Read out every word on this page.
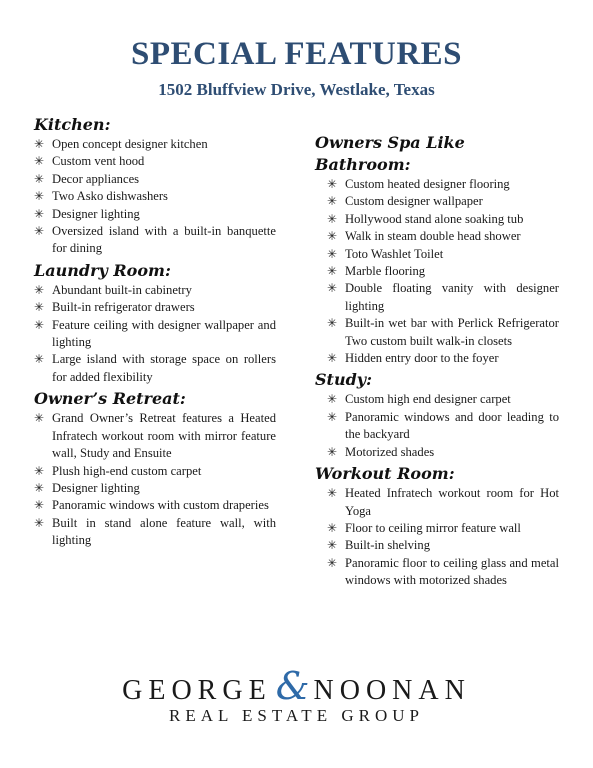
SPECIAL FEATURES
1502 Bluffview Drive, Westlake, Texas
Kitchen:
✳ Open concept designer kitchen
✳ Custom vent hood
✳ Decor appliances
✳ Two Asko dishwashers
✳ Designer lighting
✳ Oversized island with a built-in banquette for dining
Laundry Room:
✳ Abundant built-in cabinetry
✳ Built-in refrigerator drawers
✳ Feature ceiling with designer wallpaper and lighting
✳ Large island with storage space on rollers for added flexibility
Owner’s Retreat:
✳ Grand Owner’s Retreat features a Heated Infratech workout room with mirror feature wall, Study and Ensuite
✳ Plush high-end custom carpet
✳ Designer lighting
✳ Panoramic windows with custom draperies
✳ Built in stand alone feature wall, with lighting
Owners Spa Like Bathroom:
✳ Custom heated designer flooring
✳ Custom designer wallpaper
✳ Hollywood stand alone soaking tub
✳ Walk in steam double head shower
✳ Toto Washlet Toilet
✳ Marble flooring
✳ Double floating vanity with designer lighting
✳ Built-in wet bar with Perlick Refrigerator Two custom built walk-in closets
✳ Hidden entry door to the foyer
Study:
✳ Custom high end designer carpet
✳ Panoramic windows and door leading to the backyard
✳ Motorized shades
Workout Room:
✳ Heated Infratech workout room for Hot Yoga
✳ Floor to ceiling mirror feature wall
✳ Built-in shelving
✳ Panoramic floor to ceiling glass and metal windows with motorized shades
GEORGE & NOONAN
REAL ESTATE GROUP
